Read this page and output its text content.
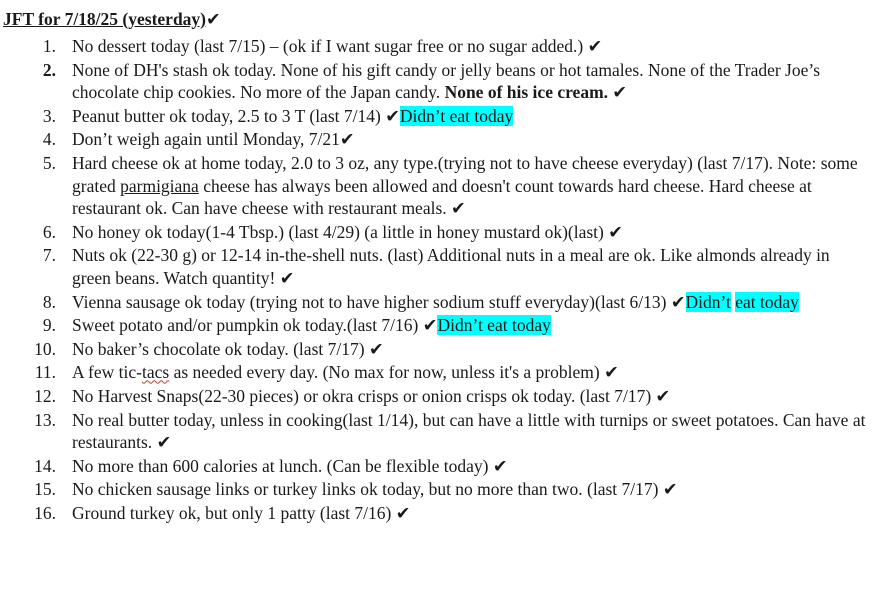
JFT for 7/18/25 (yesterday)✔
1. No dessert today (last 7/15) – (ok if I want sugar free or no sugar added.) ✔
2. None of DH's stash ok today. None of his gift candy or jelly beans or hot tamales. None of the Trader Joe’s chocolate chip cookies. No more of the Japan candy. None of his ice cream. ✔
3. Peanut butter ok today, 2.5 to 3 T (last 7/14) ✔Didn’t eat today
4. Don’t weigh again until Monday, 7/21✔
5. Hard cheese ok at home today, 2.0 to 3 oz, any type.(trying not to have cheese everyday) (last 7/17). Note: some grated parmigiana cheese has always been allowed and doesn't count towards hard cheese. Hard cheese at restaurant ok. Can have cheese with restaurant meals. ✔
6. No honey ok today(1-4 Tbsp.) (last 4/29) (a little in honey mustard ok)(last) ✔
7. Nuts ok (22-30 g) or 12-14 in-the-shell nuts. (last) Additional nuts in a meal are ok. Like almonds already in green beans. Watch quantity! ✔
8. Vienna sausage ok today (trying not to have higher sodium stuff everyday)(last 6/13) ✔Didn’t eat today
9. Sweet potato and/or pumpkin ok today.(last 7/16) ✔Didn’t eat today
10. No baker’s chocolate ok today. (last 7/17) ✔
11. A few tic-tacs as needed every day. (No max for now, unless it's a problem) ✔
12. No Harvest Snaps(22-30 pieces) or okra crisps or onion crisps ok today. (last 7/17) ✔
13. No real butter today, unless in cooking(last 1/14), but can have a little with turnips or sweet potatoes. Can have at restaurants. ✔
14. No more than 600 calories at lunch. (Can be flexible today) ✔
15. No chicken sausage links or turkey links ok today, but no more than two. (last 7/17) ✔
16. Ground turkey ok, but only 1 patty (last 7/16) ✔
